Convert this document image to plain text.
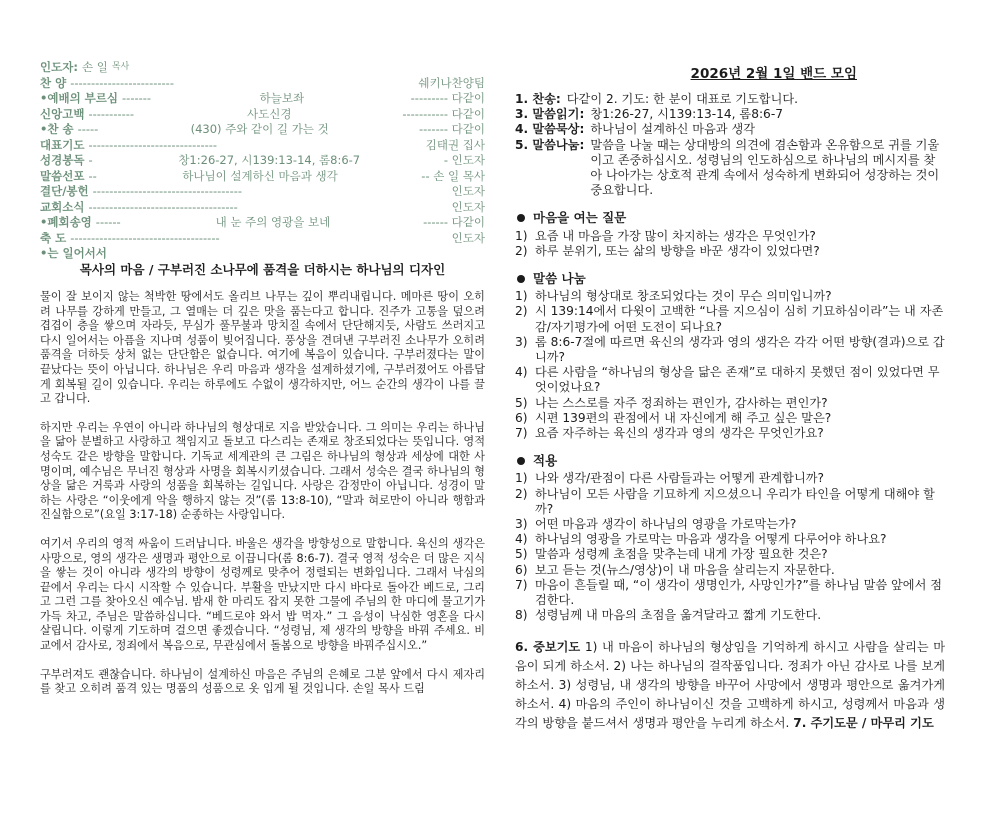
인도자: 손 일 목사
찬 양 -------------------------	쉐키나찬양팀
•예배의 부르심 -------	하늘보좌	--------- 다같이
신앙고백 -----------	사도신경	----------- 다같이
•찬 송 -----	(430) 주와 같이 길 가는 것	------- 다같이
대표기도 -------------------------------	김태권 집사
성경봉독 -	창1:26-27, 시139:13-14, 롬8:6-7	- 인도자
말씀선포 --	하나님이 설계하신 마음과 생각	-- 손 일 목사
결단/봉헌 ------------------------------------	인도자
교회소식 ------------------------------------	인도자
•폐회송영 ------	내 눈 주의 영광을 보네	------ 다같이
축 도 ------------------------------------	인도자
•는 일어서서
목사의 마음 / 구부러진 소나무에 품격을 더하시는 하나님의 디자인

물이 잘 보이지 않는 척박한 땅에서도 올리브 나무는 깊이 뿌리내립니다. 메마른 땅이 오히려 나무를 강하게 만들고, 그 열매는 더 깊은 맛을 품는다고 합니다. 진주가 고통을 덮으려 겹겹이 층을 쌓으며 자라듯, 무심가 풀무불과 망치질 속에서 단단해지듯, 사람도 쓰러지고 다시 일어서는 아픔을 지나며 성품이 빚어집니다. 풍상을 견뎌낸 구부러진 소나무가 오히려 품격을 더하듯 상처 없는 단단함은 없습니다. 여기에 복음이 있습니다. 구부러졌다는 말이 끝났다는 뜻이 아닙니다. 하나님은 우리 마음과 생각을 설계하셨기에, 구부러졌어도 아름답게 회복될 길이 있습니다. 우리는 하루에도 수없이 생각하지만, 어느 순간의 생각이 나를 끌고 갑니다.

하지만 우리는 우연이 아니라 하나님의 형상대로 지음 받았습니다. 그 의미는 우리는 하나님을 닮아 분별하고 사랑하고 책임지고 돌보고 다스리는 존재로 창조되었다는 뜻입니다. 영적 성숙도 같은 방향을 말합니다. 기독교 세계관의 큰 그림은 하나님의 형상과 세상에 대한 사명이며, 예수님은 무너진 형상과 사명을 회복시키셨습니다. 그래서 성숙은 결국 하나님의 형상을 닮은 거룩과 사랑의 성품을 회복하는 길입니다. 사랑은 감정만이 아닙니다. 성경이 말하는 사랑은 “이웃에게 악을 행하지 않는 것”(롬 13:8-10), “말과 혀로만이 아니라 행함과 진실함으로”(요일 3:17-18) 순종하는 사랑입니다.

여기서 우리의 영적 싸움이 드러납니다. 바울은 생각을 방향성으로 말합니다. 육신의 생각은 사망으로, 영의 생각은 생명과 평안으로 이끕니다(롬 8:6-7). 결국 영적 성숙은 더 많은 지식을 쌓는 것이 아니라 생각의 방향이 성령께로 맞추어 정렬되는 변화입니다. 그래서 낙심의 끝에서 우리는 다시 시작할 수 있습니다. 부활을 만났지만 다시 바다로 돌아간 베드로, 그리고 그런 그를 찾아오신 예수님. 밤새 한 마리도 잡지 못한 그물에 주님의 한 마디에 물고기가 가득 차고, 주님은 말씀하십니다. “베드로야 와서 밥 먹자.” 그 음성이 낙심한 영혼을 다시 살립니다. 이렇게 기도하며 걸으면 좋겠습니다. “성령님, 제 생각의 방향을 바꿔 주세요. 비교에서 감사로, 정죄에서 복음으로, 무관심에서 돌봄으로 방향을 바꿔주십시오.”

구부러져도 괜찮습니다. 하나님이 설계하신 마음은 주님의 은혜로 그분 앞에서 다시 제자리를 찾고 오히려 품격 있는 명품의 성품으로 옷 입게 될 것입니다. 손일 목사 드림

2026년 2월 1일 밴드 모임
1. 찬송: 다같이 2. 기도: 한 분이 대표로 기도합니다.
3. 말씀읽기: 창1:26-27, 시139:13-14, 롬8:6-7
4. 말씀묵상: 하나님이 설계하신 마음과 생각
5. 말씀나눔: 말씀을 나눌 때는 상대방의 의견에 겸손함과 온유함으로 귀를 기울이고 존중하십시오. 성령님의 인도하심으로 하나님의 메시지를 찾아 나아가는 상호적 관계 속에서 성숙하게 변화되어 성장하는 것이 중요합니다.
마음을 여는 질문
1) 요즘 내 마음을 가장 많이 차지하는 생각은 무엇인가?
2) 하루 분위기, 또는 삶의 방향을 바꾼 생각이 있었다면?
말씀 나눔
1) 하나님의 형상대로 창조되었다는 것이 무슨 의미입니까?
2) 시 139:14에서 다윗이 고백한 “나를 지으심이 심히 기묘하심이라”는 내 자존감/자기평가에 어떤 도전이 되나요?
3) 롬 8:6-7절에 따르면 육신의 생각과 영의 생각은 각각 어떤 방향(결과)으로 갑니까?
4) 다른 사람을 “하나님의 형상을 닮은 존재”로 대하지 못했던 점이 있었다면 무엇이었나요?
5) 나는 스스로를 자주 정죄하는 편인가, 감사하는 편인가?
6) 시편 139편의 관점에서 내 자신에게 해 주고 싶은 말은?
7) 요즘 자주하는 육신의 생각과 영의 생각은 무엇인가요?
적용
1) 나와 생각/관점이 다른 사람들과는 어떻게 관계합니까?
2) 하나님이 모든 사람을 기묘하게 지으셨으니 우리가 타인을 어떻게 대해야 할까?
3) 어떤 마음과 생각이 하나님의 영광을 가로막는가?
4) 하나님의 영광을 가로막는 마음과 생각을 어떻게 다루어야 하나요?
5) 말씀과 성령께 초점을 맞추는데 내게 가장 필요한 것은?
6) 보고 듣는 것(뉴스/영상)이 내 마음을 살리는지 자문한다.
7) 마음이 흔들릴 때, “이 생각이 생명인가, 사망인가?”를 하나님 말씀 앞에서 점검한다.
8) 성령님께 내 마음의 초점을 옮겨달라고 짧게 기도한다.
6. 중보기도 1) 내 마음이 하나님의 형상임을 기억하게 하시고 사람을 살리는 마음이 되게 하소서. 2) 나는 하나님의 걸작품입니다. 정죄가 아닌 감사로 나를 보게 하소서. 3) 성령님, 내 생각의 방향을 바꾸어 사망에서 생명과 평안으로 옮겨가게 하소서. 4) 마음의 주인이 하나님이신 것을 고백하게 하시고, 성령께서 마음과 생각의 방향을 붙드셔서 생명과 평안을 누리게 하소서. 7. 주기도문 / 마무리 기도
